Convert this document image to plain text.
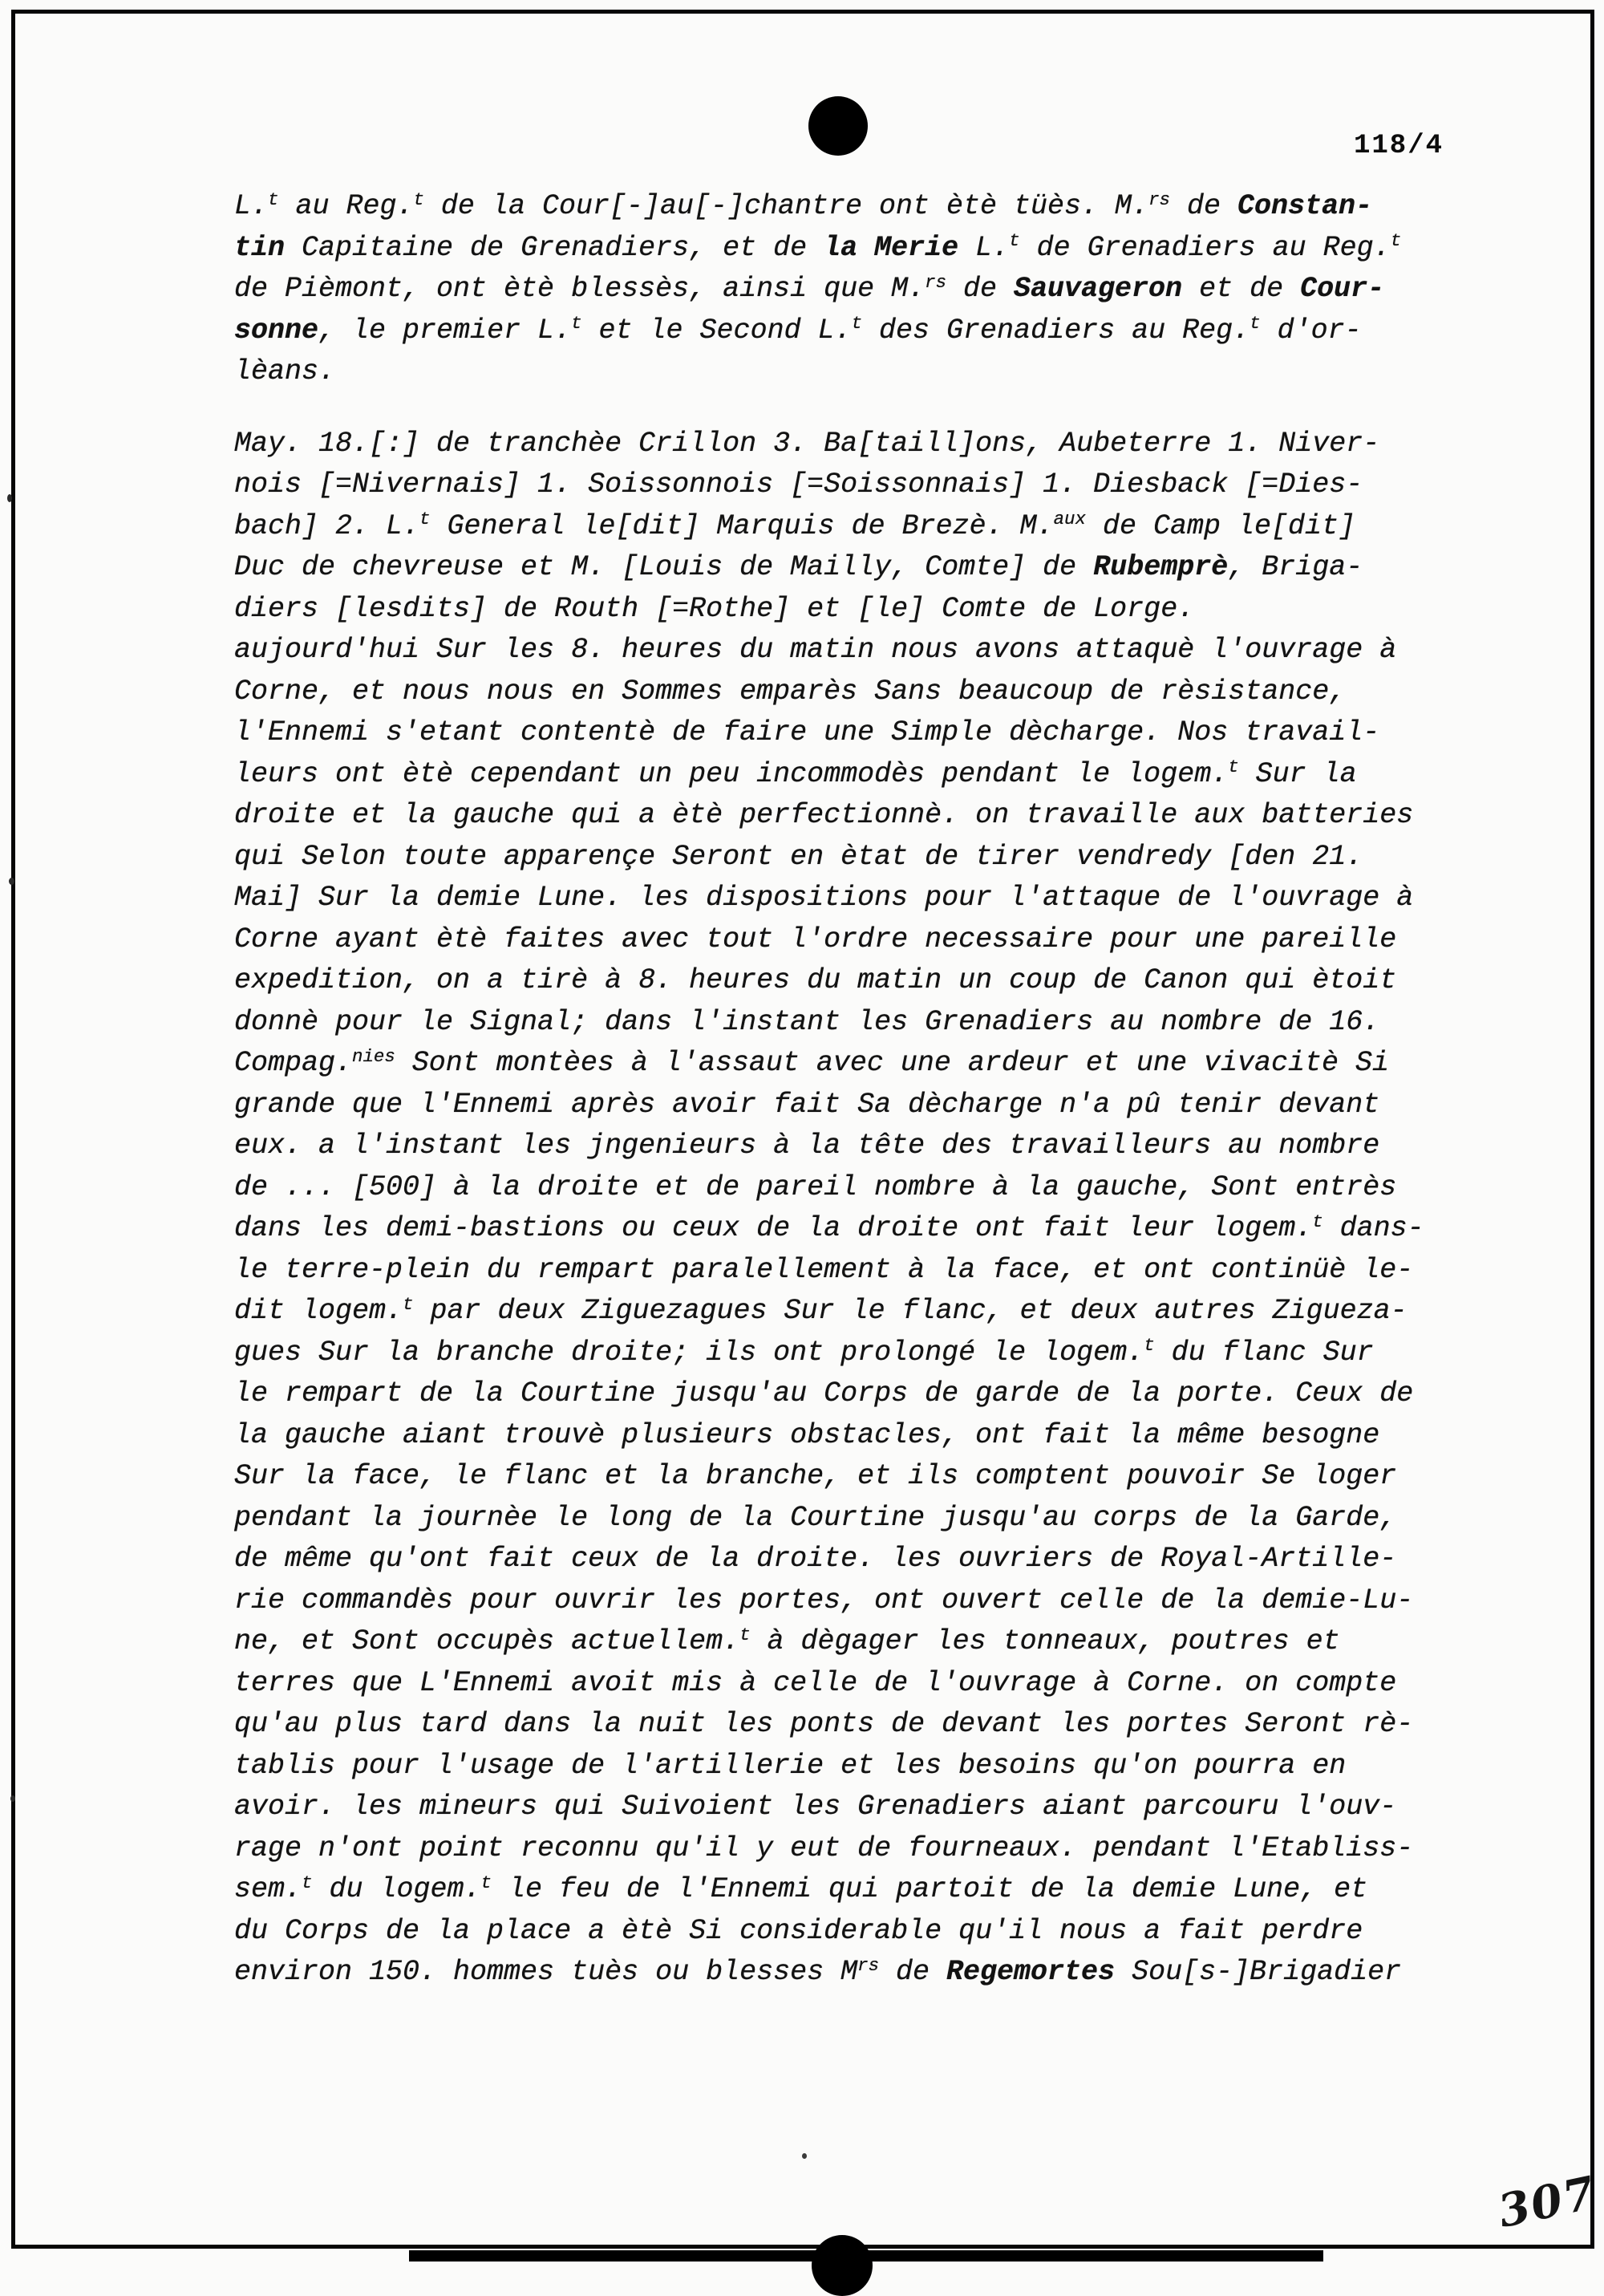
118/4
L.$^t$ au Reg.$^t$ de la Cour[-]au[-]chantre ont ètè tüès. M.$^{rs}$ de Constan-
tin Capitaine de Grenadiers, et de la Merie L.$^t$ de Grenadiers au Reg.$^t$
de Pièmont, ont ètè blessès, ainsi que M.$^{rs}$ de Sauvageron et de Cour-
sonne, le premier L.$^t$ et le Second L.$^t$ des Grenadiers au Reg.$^t$ d'or-
lèans.
May. 18.[:] de tranchèe Crillon 3. Ba[taill]ons, Aubeterre 1. Niver-
nois [=Nivernais] 1. Soissonnois [=Soissonnais] 1. Diesback [=Dies-
bach] 2. L.$^t$ General le[dit] Marquis de Brezè. M.$^{aux}$ de Camp le[dit]
Duc de chevreuse et M. [Louis de Mailly, Comte] de Rubemprè, Briga-
diers [lesdits] de Routh [=Rothe] et [le] Comte de Lorge.
aujourd'hui Sur les 8. heures du matin nous avons attaquè l'ouvrage à
Corne, et nous nous en Sommes emparès Sans beaucoup de rèsistance,
l'Ennemi s'etant contentè de faire une Simple dècharge. Nos travail-
leurs ont ètè cependant un peu incommodès pendant le logem.$^t$ Sur la
droite et la gauche qui a ètè perfectionnè. on travaille aux batteries
qui Selon toute apparençe Seront en ètat de tirer vendredy [den 21.
Mai] Sur la demie Lune. les dispositions pour l'attaque de l'ouvrage à
Corne ayant ètè faites avec tout l'ordre necessaire pour une pareille
expedition, on a tirè à 8. heures du matin un coup de Canon qui ètoit
donnè pour le Signal; dans l'instant les Grenadiers au nombre de 16.
Compag.$^{nies}$ Sont montèes à l'assaut avec une ardeur et une vivacitè Si
grande que l'Ennemi après avoir fait Sa dècharge n'a pû tenir devant
eux. a l'instant les jngenieurs à la tête des travailleurs au nombre
de ... [500] à la droite et de pareil nombre à la gauche, Sont entrès
dans les demi-bastions ou ceux de la droite ont fait leur logem.$^t$ dans-
le terre-plein du rempart paralellement à la face, et ont continüè le-
dit logem.$^t$ par deux Ziguezagues Sur le flanc, et deux autres Zigueza-
gues Sur la branche droite; ils ont prolongé le logem.$^t$ du flanc Sur
le rempart de la Courtine jusqu'au Corps de garde de la porte. Ceux de
la gauche aiant trouvè plusieurs obstacles, ont fait la même besogne
Sur la face, le flanc et la branche, et ils comptent pouvoir Se loger
pendant la journèe le long de la Courtine jusqu'au corps de la Garde,
de même qu'ont fait ceux de la droite. les ouvriers de Royal-Artille-
rie commandès pour ouvrir les portes, ont ouvert celle de la demie-Lu-
ne, et Sont occupès actuellem.$^t$ à dègager les tonneaux, poutres et
terres que L'Ennemi avoit mis à celle de l'ouvrage à Corne. on compte
qu'au plus tard dans la nuit les ponts de devant les portes Seront rè-
tablis pour l'usage de l'artillerie et les besoins qu'on pourra en
avoir. les mineurs qui Suivoient les Grenadiers aiant parcouru l'ouv-
rage n'ont point reconnu qu'il y eut de fourneaux. pendant l'Etabliss-
sem.$^t$ du logem.$^t$ le feu de l'Ennemi qui partoit de la demie Lune, et
du Corps de la place a ètè Si considerable qu'il nous a fait perdre
environ 150. hommes tuès ou blesses $M^{rs}$ de Regemortes Sou[s-]Brigadier
307
